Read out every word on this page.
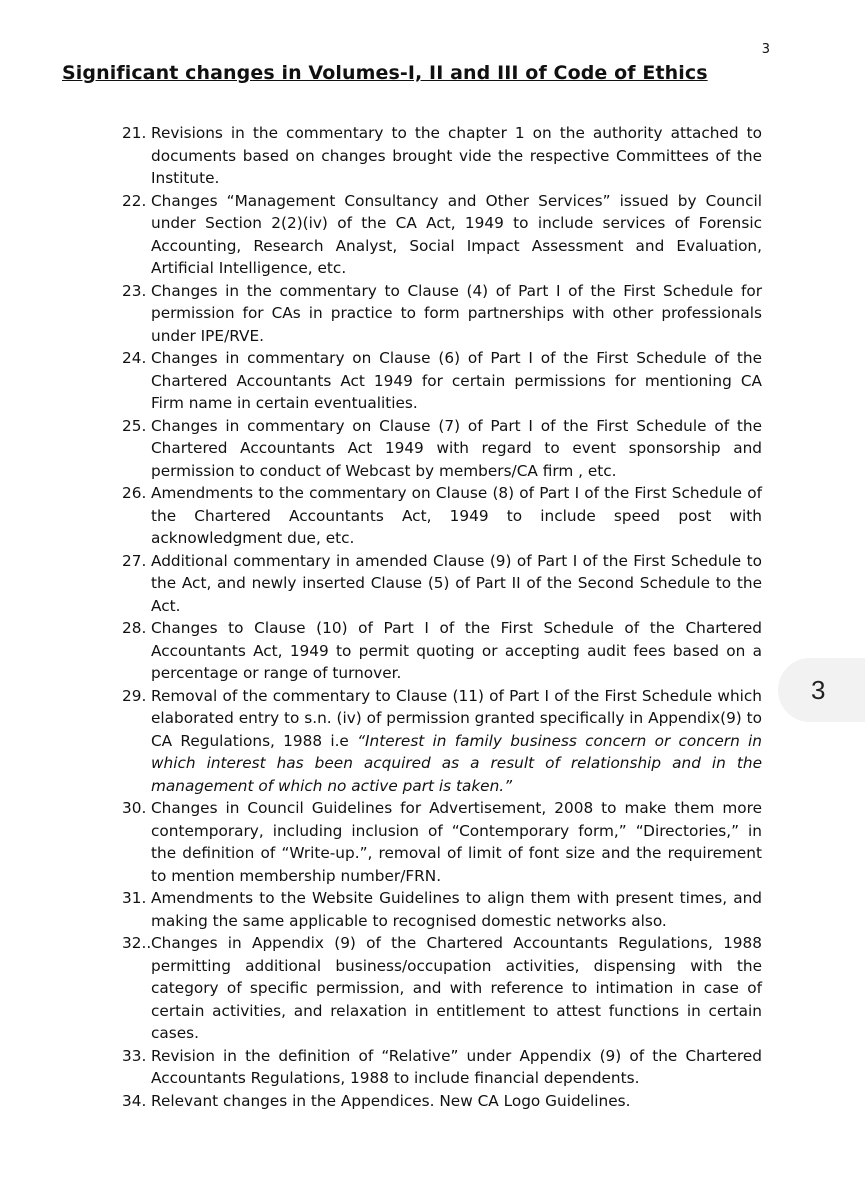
3
Significant changes in Volumes-I, II and III of Code of Ethics
21. Revisions in the commentary to the chapter 1 on the authority attached to documents based on changes brought vide the respective Committees of the Institute.
22. Changes “Management Consultancy and Other Services” issued by Council under Section 2(2)(iv) of the CA Act, 1949 to include services of Forensic Accounting, Research Analyst, Social Impact Assessment and Evaluation, Artificial Intelligence, etc.
23. Changes in the commentary to Clause (4) of Part I of the First Schedule for permission for CAs in practice to form partnerships with other professionals under IPE/RVE.
24. Changes in commentary on Clause (6) of Part I of the First Schedule of the Chartered Accountants Act 1949 for certain permissions for mentioning CA Firm name in certain eventualities.
25. Changes in commentary on Clause (7) of Part I of the First Schedule of the Chartered Accountants Act 1949 with regard to event sponsorship and permission to conduct of Webcast by members/CA firm , etc.
26. Amendments to the commentary on Clause (8) of Part I of the First Schedule of the Chartered Accountants Act, 1949 to include speed post with acknowledgment due, etc.
27. Additional commentary in amended Clause (9) of Part I of the First Schedule to the Act, and newly inserted Clause (5) of Part II of the Second Schedule to the Act.
28. Changes to Clause (10) of Part I of the First Schedule of the Chartered Accountants Act, 1949 to permit quoting or accepting audit fees based on a percentage or range of turnover.
29. Removal of the commentary to Clause (11) of Part I of the First Schedule which elaborated entry to s.n. (iv) of permission granted specifically in Appendix(9) to CA Regulations, 1988 i.e “Interest in family business concern or concern in which interest has been acquired as a result of relationship and in the management of which no active part is taken.”
30. Changes in Council Guidelines for Advertisement, 2008 to make them more contemporary, including inclusion of “Contemporary form,” “Directories,” in the definition of “Write-up.”, removal of limit of font size and the requirement to mention membership number/FRN.
31. Amendments to the Website Guidelines to align them with present times, and making the same applicable to recognised domestic networks also.
32.. Changes in Appendix (9) of the Chartered Accountants Regulations, 1988 permitting additional business/occupation activities, dispensing with the category of specific permission, and with reference to intimation in case of certain activities, and relaxation in entitlement to attest functions in certain cases.
33. Revision in the definition of “Relative” under Appendix (9) of the Chartered Accountants Regulations, 1988 to include financial dependents.
34. Relevant changes in the Appendices. New CA Logo Guidelines.
3
